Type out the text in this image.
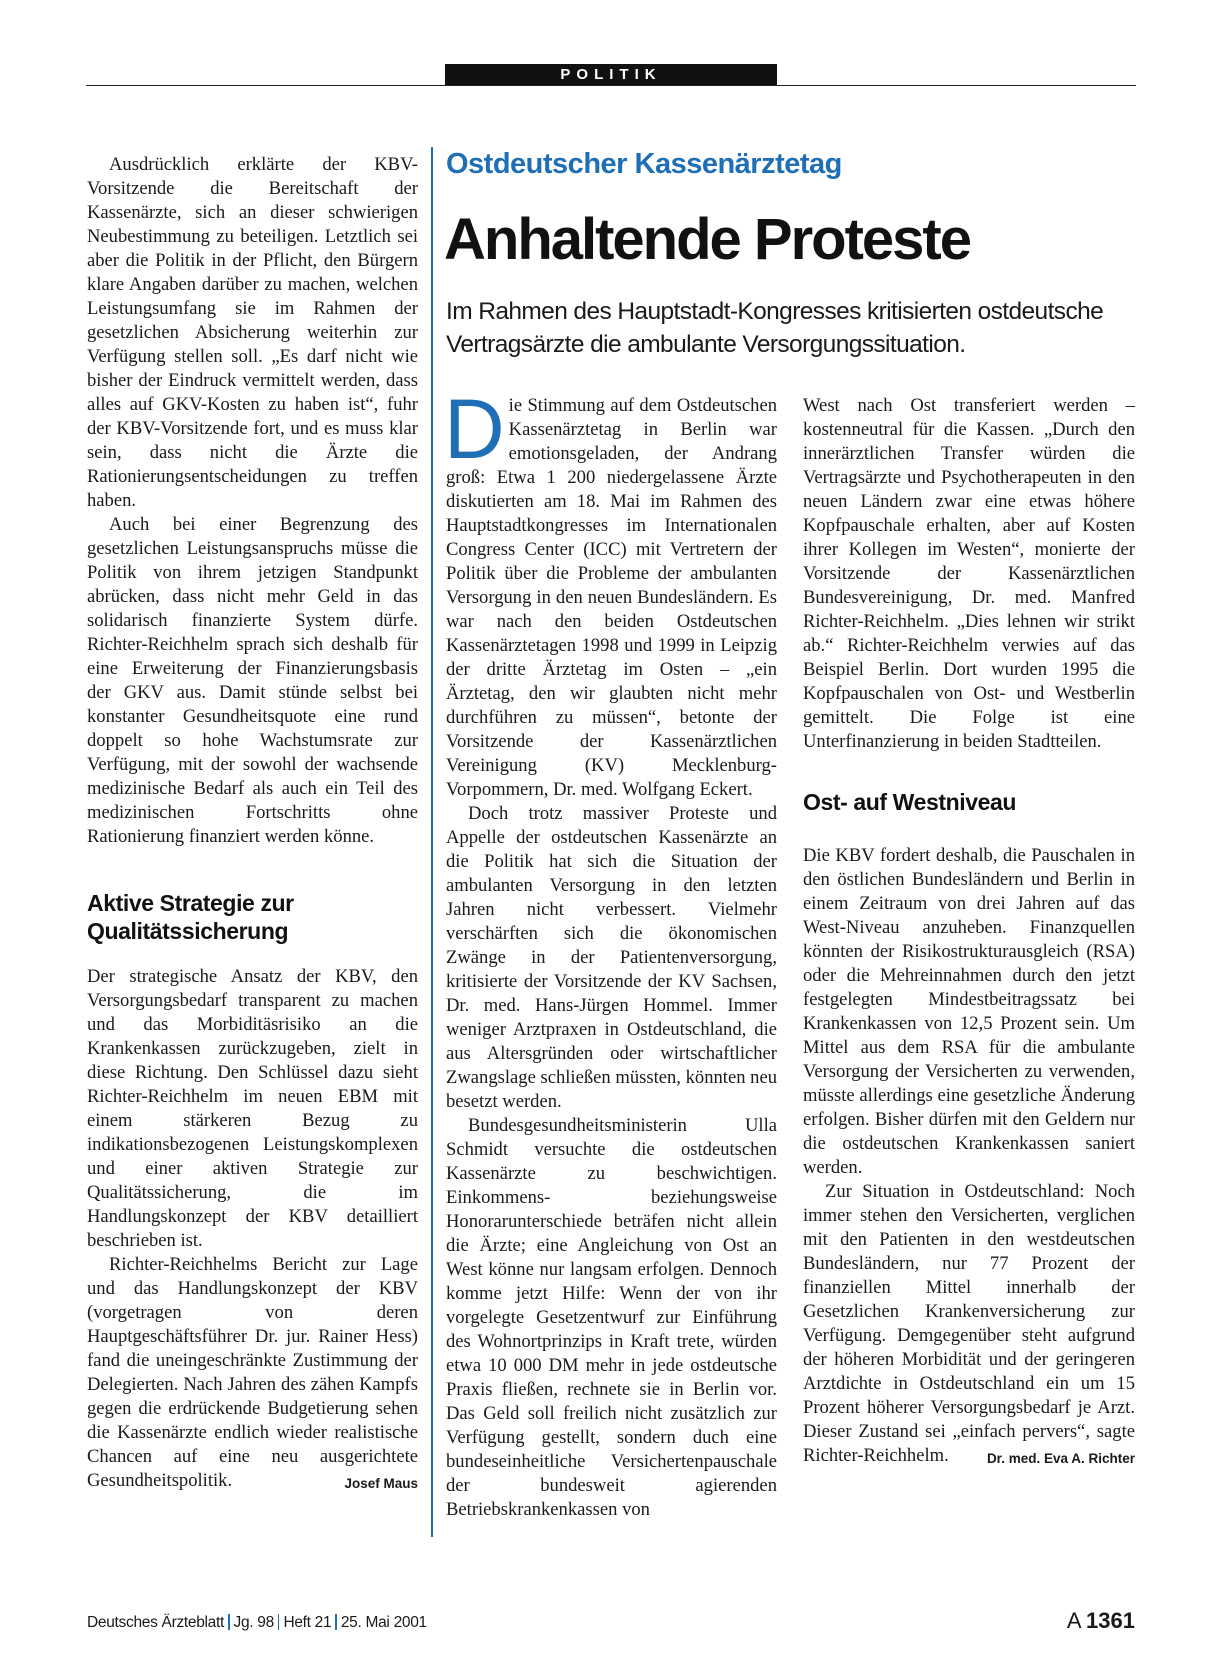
POLITIK

Ausdrücklich erklärte der KBV-Vorsitzende die Bereitschaft der Kassenärzte, sich an dieser schwierigen Neubestimmung zu beteiligen. Letztlich sei aber die Politik in der Pflicht, den Bürgern klare Angaben darüber zu machen, welchen Leistungsumfang sie im Rahmen der gesetzlichen Absicherung weiterhin zur Verfügung stellen soll. „Es darf nicht wie bisher der Eindruck vermittelt werden, dass alles auf GKV-Kosten zu haben ist“, fuhr der KBV-Vorsitzende fort, und es muss klar sein, dass nicht die Ärzte die Rationierungsentscheidungen zu treffen haben.

Auch bei einer Begrenzung des gesetzlichen Leistungsanspruchs müsse die Politik von ihrem jetzigen Standpunkt abrücken, dass nicht mehr Geld in das solidarisch finanzierte System dürfe. Richter-Reichhelm sprach sich deshalb für eine Erweiterung der Finanzierungsbasis der GKV aus. Damit stünde selbst bei konstanter Gesundheitsquote eine rund doppelt so hohe Wachstumsrate zur Verfügung, mit der sowohl der wachsende medizinische Bedarf als auch ein Teil des medizinischen Fortschritts ohne Rationierung finanziert werden könne.

Aktive Strategie zur Qualitätssicherung

Der strategische Ansatz der KBV, den Versorgungsbedarf transparent zu machen und das Morbiditäsrisiko an die Krankenkassen zurückzugeben, zielt in diese Richtung. Den Schlüssel dazu sieht Richter-Reichhelm im neuen EBM mit einem stärkeren Bezug zu indikationsbezogenen Leistungskomplexen und einer aktiven Strategie zur Qualitätssicherung, die im Handlungskonzept der KBV detailliert beschrieben ist.

Richter-Reichhelms Bericht zur Lage und das Handlungskonzept der KBV (vorgetragen von deren Hauptgeschäftsführer Dr. jur. Rainer Hess) fand die uneingeschränkte Zustimmung der Delegierten. Nach Jahren des zähen Kampfs gegen die erdrückende Budgetierung sehen die Kassenärzte endlich wieder realistische Chancen auf eine neu ausgerichtete Gesundheitspolitik.	Josef Maus

Ostdeutscher Kassenärztetag
Anhaltende Proteste
Im Rahmen des Hauptstadt-Kongresses kritisierten ostdeutsche Vertragsärzte die ambulante Versorgungssituation.

Die Stimmung auf dem Ostdeutschen Kassenärztetag in Berlin war emotionsgeladen, der Andrang groß: Etwa 1 200 niedergelassene Ärzte diskutierten am 18. Mai im Rahmen des Hauptstadtkongresses im Internationalen Congress Center (ICC) mit Vertretern der Politik über die Probleme der ambulanten Versorgung in den neuen Bundesländern. Es war nach den beiden Ostdeutschen Kassenärztetagen 1998 und 1999 in Leipzig der dritte Ärztetag im Osten – „ein Ärztetag, den wir glaubten nicht mehr durchführen zu müssen“, betonte der Vorsitzende der Kassenärztlichen Vereinigung (KV) Mecklenburg-Vorpommern, Dr. med. Wolfgang Eckert.

Doch trotz massiver Proteste und Appelle der ostdeutschen Kassenärzte an die Politik hat sich die Situation der ambulanten Versorgung in den letzten Jahren nicht verbessert. Vielmehr verschärften sich die ökonomischen Zwänge in der Patientenversorgung, kritisierte der Vorsitzende der KV Sachsen, Dr. med. Hans-Jürgen Hommel. Immer weniger Arztpraxen in Ostdeutschland, die aus Altersgründen oder wirtschaftlicher Zwangslage schließen müssten, könnten neu besetzt werden.

Bundesgesundheitsministerin Ulla Schmidt versuchte die ostdeutschen Kassenärzte zu beschwichtigen. Einkommens- beziehungsweise Honorarunterschiede beträfen nicht allein die Ärzte; eine Angleichung von Ost an West könne nur langsam erfolgen. Dennoch komme jetzt Hilfe: Wenn der von ihr vorgelegte Gesetzentwurf zur Einführung des Wohnortprinzips in Kraft trete, würden etwa 10 000 DM mehr in jede ostdeutsche Praxis fließen, rechnete sie in Berlin vor. Das Geld soll freilich nicht zusätzlich zur Verfügung gestellt, sondern duch eine bundeseinheitliche Versichertenpauschale der bundesweit agierenden Betriebskrankenkassen von

West nach Ost transferiert werden – kostenneutral für die Kassen. „Durch den innerärztlichen Transfer würden die Vertragsärzte und Psychotherapeuten in den neuen Ländern zwar eine etwas höhere Kopfpauschale erhalten, aber auf Kosten ihrer Kollegen im Westen“, monierte der Vorsitzende der Kassenärztlichen Bundesvereinigung, Dr. med. Manfred Richter-Reichhelm. „Dies lehnen wir strikt ab.“ Richter-Reichhelm verwies auf das Beispiel Berlin. Dort wurden 1995 die Kopfpauschalen von Ost- und Westberlin gemittelt. Die Folge ist eine Unterfinanzierung in beiden Stadtteilen.

Ost- auf Westniveau

Die KBV fordert deshalb, die Pauschalen in den östlichen Bundesländern und Berlin in einem Zeitraum von drei Jahren auf das West-Niveau anzuheben. Finanzquellen könnten der Risikostrukturausgleich (RSA) oder die Mehreinnahmen durch den jetzt festgelegten Mindestbeitragssatz bei Krankenkassen von 12,5 Prozent sein. Um Mittel aus dem RSA für die ambulante Versorgung der Versicherten zu verwenden, müsste allerdings eine gesetzliche Änderung erfolgen. Bisher dürfen mit den Geldern nur die ostdeutschen Krankenkassen saniert werden.

Zur Situation in Ostdeutschland: Noch immer stehen den Versicherten, verglichen mit den Patienten in den westdeutschen Bundesländern, nur 77 Prozent der finanziellen Mittel innerhalb der Gesetzlichen Krankenversicherung zur Verfügung. Demgegenüber steht aufgrund der höheren Morbidität und der geringeren Arztdichte in Ostdeutschland ein um 15 Prozent höherer Versorgungsbedarf je Arzt. Dieser Zustand sei „einfach pervers“, sagte Richter-Reichhelm.	Dr. med. Eva A. Richter

Deutsches Ärzteblatt Jg. 98 Heft 21 25. Mai 2001	A 1361
